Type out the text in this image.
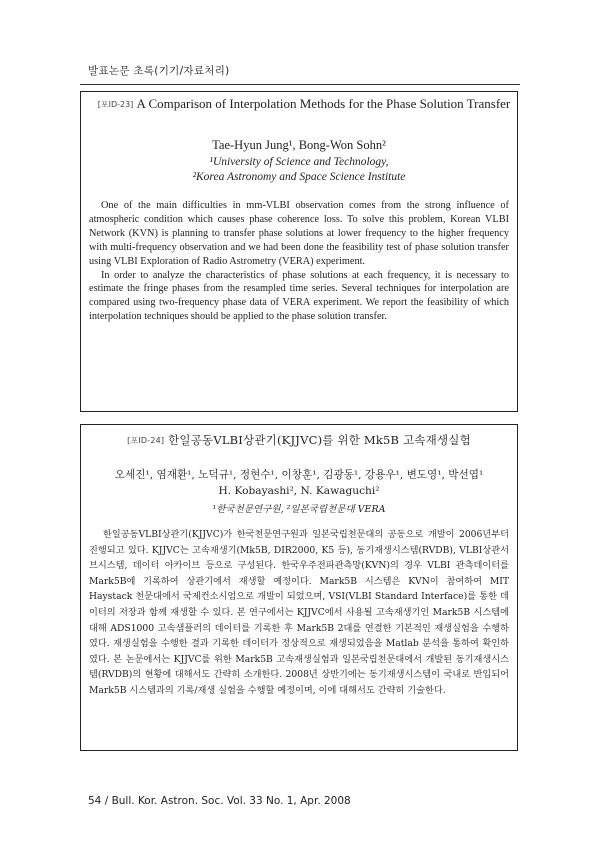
발표논문 초록(기기/자료처리)
[포ID-23] A Comparison of Interpolation Methods for the Phase Solution Transfer
Tae-Hyun Jung¹, Bong-Won Sohn²
¹University of Science and Technology,
²Korea Astronomy and Space Science Institute

One of the main difficulties in mm-VLBI observation comes from the strong influence of atmospheric condition which causes phase coherence loss. To solve this problem, Korean VLBI Network (KVN) is planning to transfer phase solutions at lower frequency to the higher frequency with multi-frequency observation and we had been done the feasibility test of phase solution transfer using VLBI Exploration of Radio Astrometry (VERA) experiment.

In order to analyze the characteristics of phase solutions at each frequency, it is necessary to estimate the fringe phases from the resampled time series. Several techniques for interpolation are compared using two-frequency phase data of VERA experiment. We report the feasibility of which interpolation techniques should be applied to the phase solution transfer.

[포ID-24] 한일공동VLBI상관기(KJJVC)를 위한 Mk5B 고속재생실험
오세진¹, 염재환¹, 노덕규¹, 정현수¹, 이창훈¹, 김광동¹, 강용우¹, 변도영¹, 박선엽¹
H. Kobayashi², N. Kawaguchi²
¹한국천문연구원, ²일본국립천문대 VERA

한일공동VLBI상관기(KJJVC)가 한국천문연구원과 일본국립천문대의 공동으로 개발이 2006년부터 진행되고 있다. KJJVC는 고속재생기(Mk5B, DIR2000, K5 등), 동기재생시스템(RVDB), VLBI상관서브시스템, 데이터 아카이브 등으로 구성된다. 한국우주전파관측망(KVN)의 경우 VLBI 관측데이터를 Mark5B에 기록하여 상관기에서 재생할 예정이다. Mark5B 시스템은 KVN이 참여하여 MIT Haystack 천문대에서 국제컨소시엄으로 개발이 되었으며, VSI(VLBI Standard Interface)를 통한 데이터의 저장과 함께 재생할 수 있다. 본 연구에서는 KJJVC에서 사용될 고속재생기인 Mark5B 시스템에 대해 ADS1000 고속샘플러의 데이터를 기록한 후 Mark5B 2대를 연결한 기본적인 재생실험을 수행하였다. 재생실험을 수행한 결과 기록한 데이터가 정상적으로 재생되었음을 Matlab 분석을 통하여 확인하였다. 본 논문에서는 KJJVC를 위한 Mark5B 고속재생실험과 일본국립천문대에서 개발된 동기재생시스템(RVDB)의 현황에 대해서도 간략히 소개한다. 2008년 상반기에는 동기재생시스템이 국내로 반입되어 Mark5B 시스템과의 기록/재생 실험을 수행할 예정이며, 이에 대해서도 간략히 기술한다.

54 / Bull. Kor. Astron. Soc. Vol. 33 No. 1, Apr. 2008
